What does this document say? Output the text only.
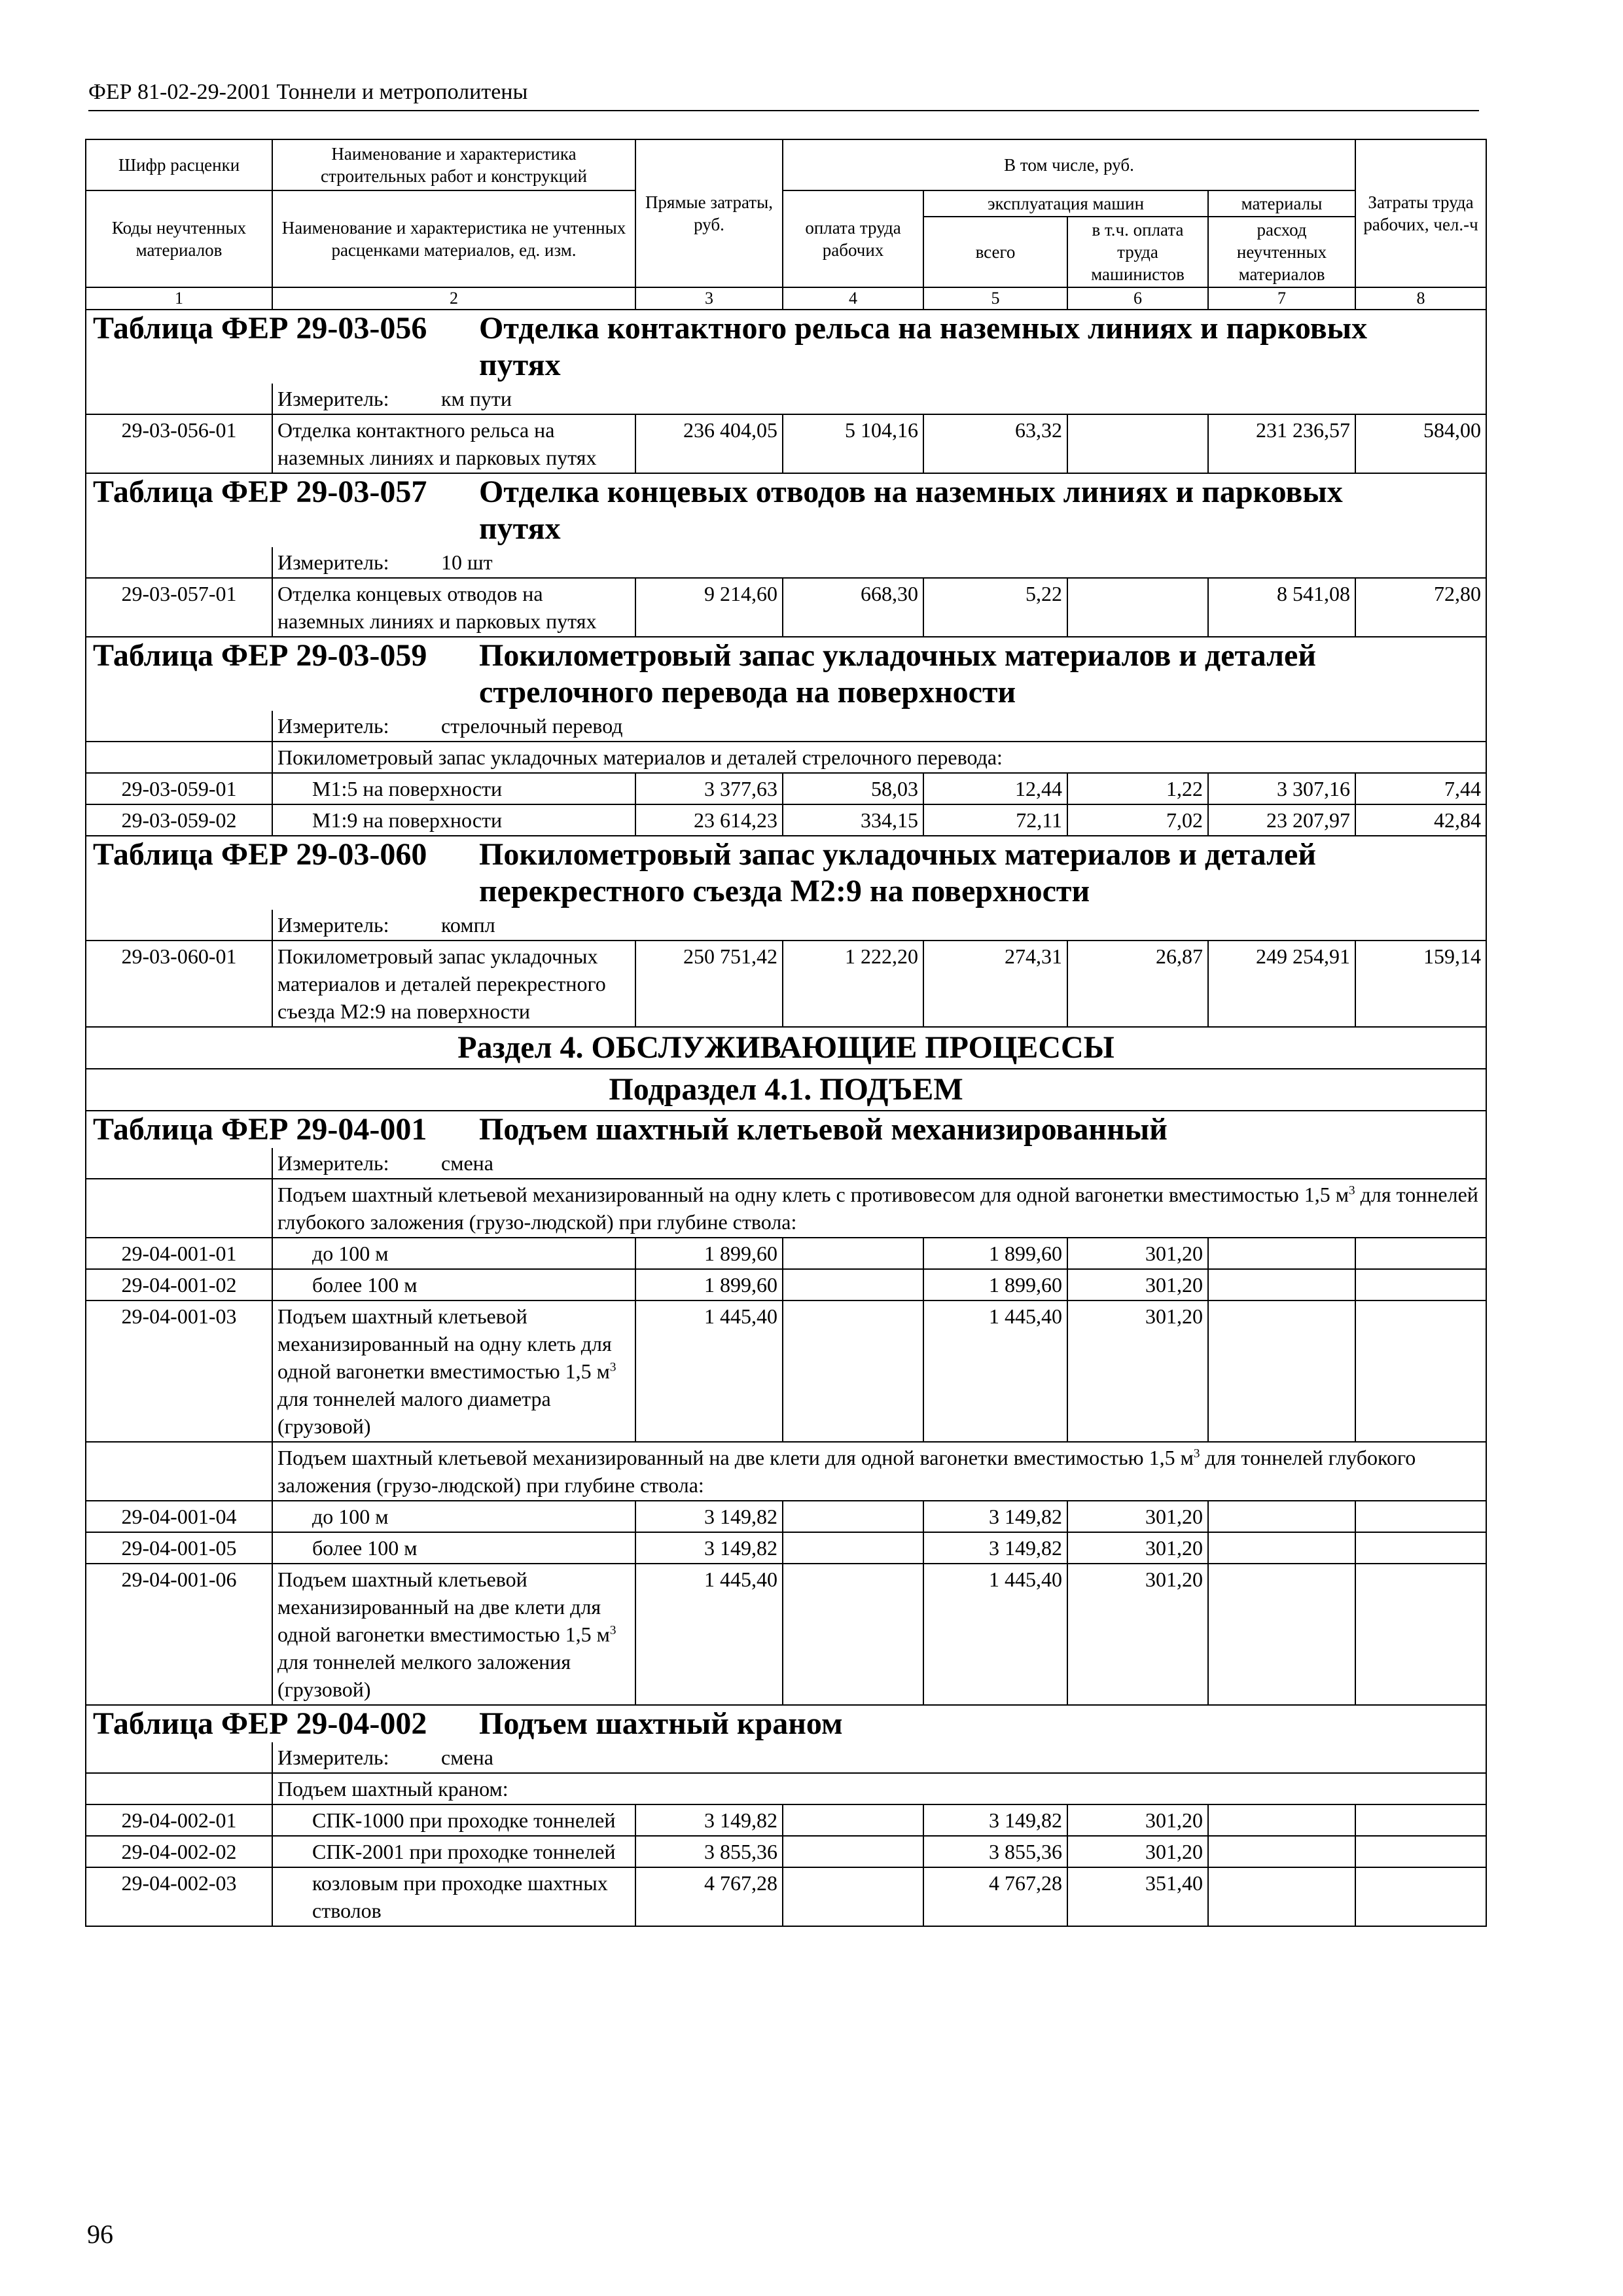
ФЕР 81-02-29-2001 Тоннели и метрополитены
Шифр расценки	Наименование и характеристика строительных работ и конструкций	Прямые затраты, руб.	В том числе, руб.				Затраты труда рабочих, чел.-ч
Коды неучтенных материалов	Наименование и характеристика не учтенных расценками материалов, ед. изм.		оплата труда рабочих	эксплуатация машин		материалы	
				всего	в т.ч. оплата труда машинистов	расход неучтенных материалов	

1	2	3	4	5	6	7	8
Таблица ФЕР 29-03-056 Отделка контактного рельса на наземных линиях и парковых путях							
	Измеритель: км пути						
29-03-056-01	Отделка контактного рельса на наземных линиях и парковых путях	236 404,05	5 104,16	63,32		231 236,57	584,00
Таблица ФЕР 29-03-057 Отделка концевых отводов на наземных линиях и парковых путях							
	Измеритель: 10 шт						
29-03-057-01	Отделка концевых отводов на наземных линиях и парковых путях	9 214,60	668,30	5,22		8 541,08	72,80
Таблица ФЕР 29-03-059 Покилометровый запас укладочных материалов и деталей стрелочного перевода на поверхности							
	Измеритель: стрелочный перевод						
	Покилометровый запас укладочных материалов и деталей стрелочного перевода:						
29-03-059-01	М1:5 на поверхности	3 377,63	58,03	12,44	1,22	3 307,16	7,44
29-03-059-02	М1:9 на поверхности	23 614,23	334,15	72,11	7,02	23 207,97	42,84
Таблица ФЕР 29-03-060 Покилометровый запас укладочных материалов и деталей перекрестного съезда М2:9 на поверхности							
	Измеритель: компл						
29-03-060-01	Покилометровый запас укладочных материалов и деталей перекрестного съезда М2:9 на поверхности	250 751,42	1 222,20	274,31	26,87	249 254,91	159,14
Раздел 4. ОБСЛУЖИВАЮЩИЕ ПРОЦЕССЫ							
Подраздел 4.1. ПОДЪЕМ							
Таблица ФЕР 29-04-001 Подъем шахтный клетьевой механизированный							
	Измеритель: смена						
	Подъем шахтный клетьевой механизированный на одну клеть с противовесом для одной вагонетки вместимостью 1,5 $м^3$ для тоннелей глубокого заложения (грузо-людской) при глубине ствола:						
29-04-001-01	до 100 м	1 899,60		1 899,60	301,20		
29-04-001-02	более 100 м	1 899,60		1 899,60	301,20		
29-04-001-03	Подъем шахтный клетьевой механизированный на одну клеть для одной вагонетки вместимостью 1,5 $м^3$ для тоннелей малого диаметра (грузовой)	1 445,40		1 445,40	301,20		
	Подъем шахтный клетьевой механизированный на две клети для одной вагонетки вместимостью 1,5 $м^3$ для тоннелей глубокого заложения (грузо-людской) при глубине ствола:						
29-04-001-04	до 100 м	3 149,82		3 149,82	301,20		
29-04-001-05	более 100 м	3 149,82		3 149,82	301,20		
29-04-001-06	Подъем шахтный клетьевой механизированный на две клети для одной вагонетки вместимостью 1,5 $м^3$ для тоннелей мелкого заложения (грузовой)	1 445,40		1 445,40	301,20		
Таблица ФЕР 29-04-002 Подъем шахтный краном							
	Измеритель: смена						
	Подъем шахтный краном:						
29-04-002-01	СПК-1000 при проходке тоннелей	3 149,82		3 149,82	301,20		
29-04-002-02	СПК-2001 при проходке тоннелей	3 855,36		3 855,36	301,20		
29-04-002-03	козловым при проходке шахтных стволов	4 767,28		4 767,28	351,40		
96
